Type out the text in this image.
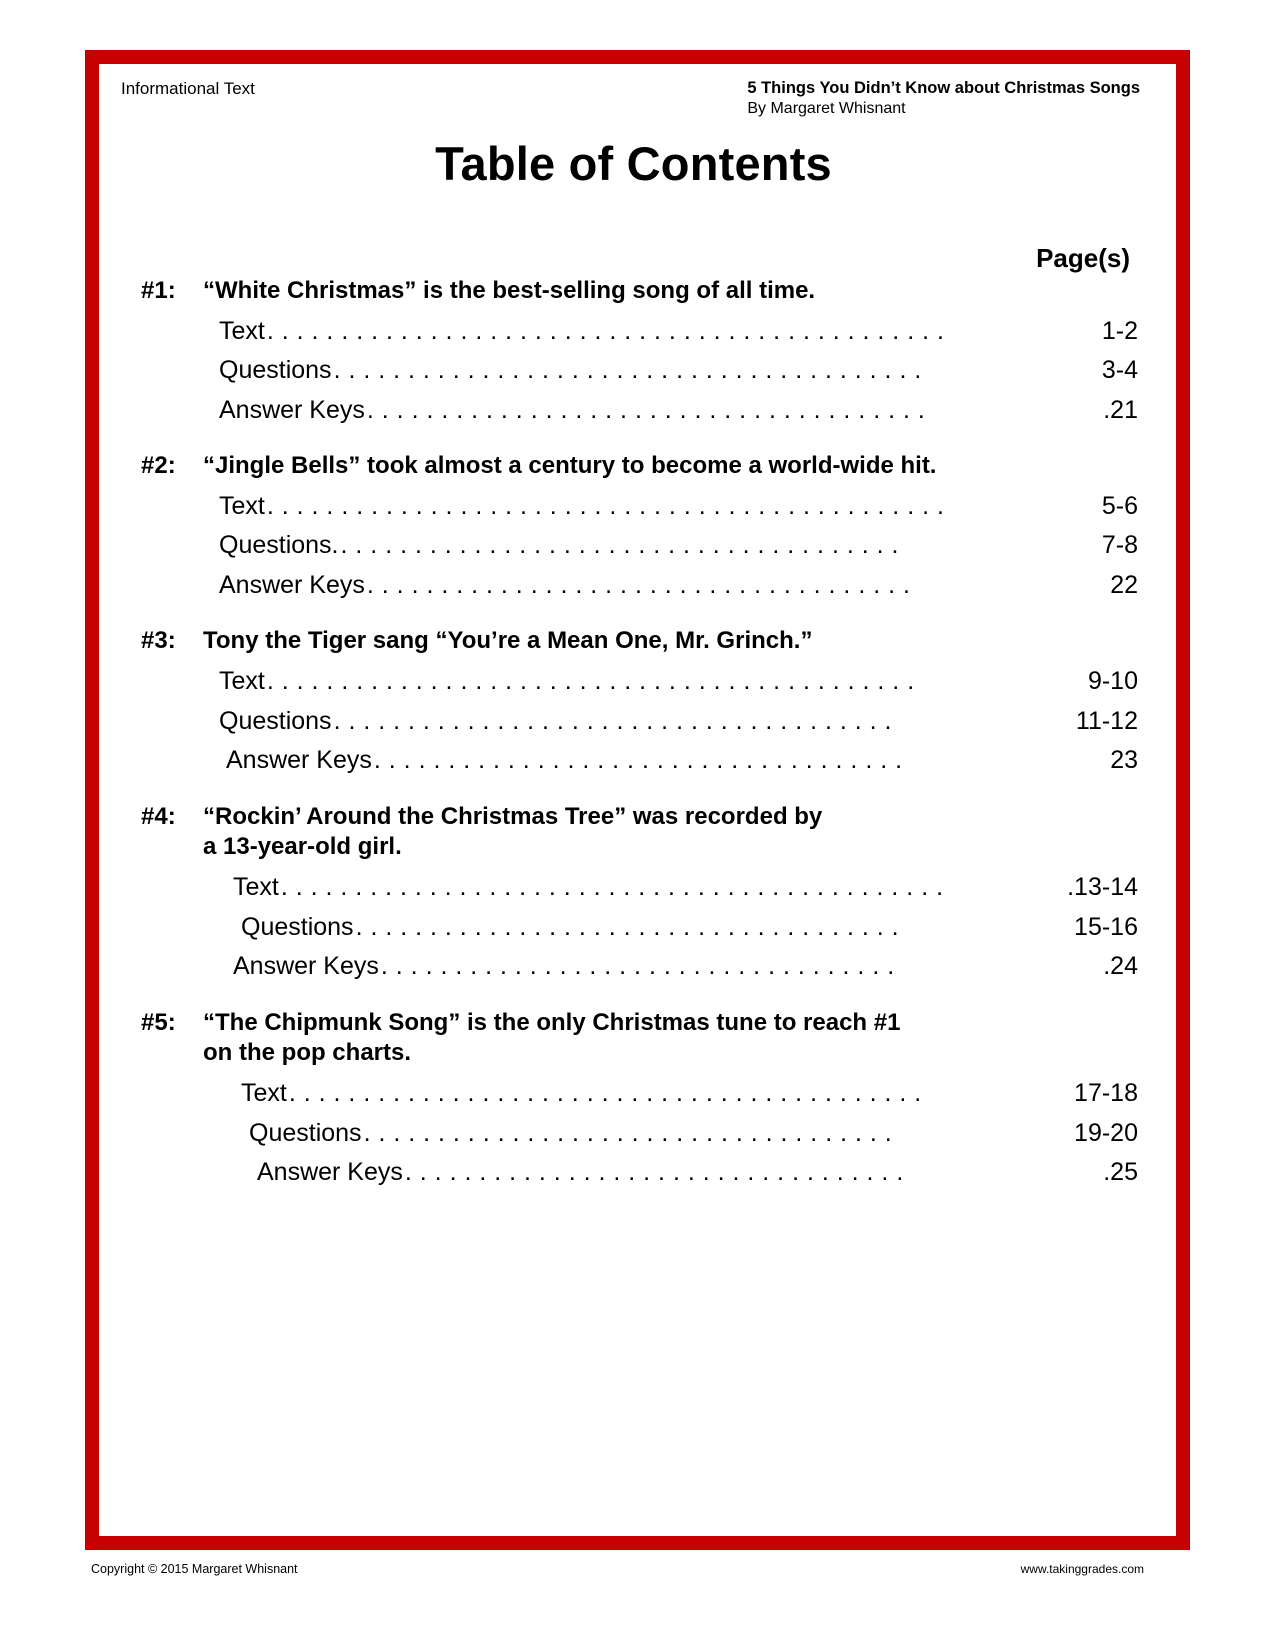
Informational Text	5 Things You Didn’t Know about Christmas Songs
By Margaret Whisnant
Table of Contents
Page(s)
#1:	“White Christmas” is the best-selling song of all time.
Text . . . . . . . . . . . . . . . . . . . . . . . . . . . . . . . . . . . . . . . . . . . . . .	1-2
Questions . . . . . . . . . . . . . . . . . . . . . . . . . . . . . . . . . . . . . . . .	3-4
Answer Keys . . . . . . . . . . . . . . . . . . . . . . . . . . . . . . . . . . . . . .	.21
#2:	“Jingle Bells” took almost a century to become a world-wide hit.
Text . . . . . . . . . . . . . . . . . . . . . . . . . . . . . . . . . . . . . . . . . . . . . .	5-6
Questions. . . . . . . . . . . . . . . . . . . . . . . . . . . . . . . . . . . . . . .	7-8
Answer Keys . . . . . . . . . . . . . . . . . . . . . . . . . . . . . . . . . . . . .	22
#3:	Tony the Tiger sang “You’re a Mean One, Mr. Grinch.”
Text . . . . . . . . . . . . . . . . . . . . . . . . . . . . . . . . . . . . . . . . . . . .	9-10
Questions . . . . . . . . . . . . . . . . . . . . . . . . . . . . . . . . . . . . . .	11-12
Answer Keys . . . . . . . . . . . . . . . . . . . . . . . . . . . . . . . . . . . .	23
#4:	“Rockin’ Around the Christmas Tree” was recorded by
a 13-year-old girl.
Text . . . . . . . . . . . . . . . . . . . . . . . . . . . . . . . . . . . . . . . . . . . . .	.13-14
Questions . . . . . . . . . . . . . . . . . . . . . . . . . . . . . . . . . . . . .	15-16
Answer Keys . . . . . . . . . . . . . . . . . . . . . . . . . . . . . . . . . . .	.24
#5:	“The Chipmunk Song” is the only Christmas tune to reach #1
on the pop charts.
Text . . . . . . . . . . . . . . . . . . . . . . . . . . . . . . . . . . . . . . . . . . .	17-18
Questions . . . . . . . . . . . . . . . . . . . . . . . . . . . . . . . . . . . .	19-20
Answer Keys . . . . . . . . . . . . . . . . . . . . . . . . . . . . . . . . . .	.25
Copyright © 2015 Margaret Whisnant	www.takinggrades.com
